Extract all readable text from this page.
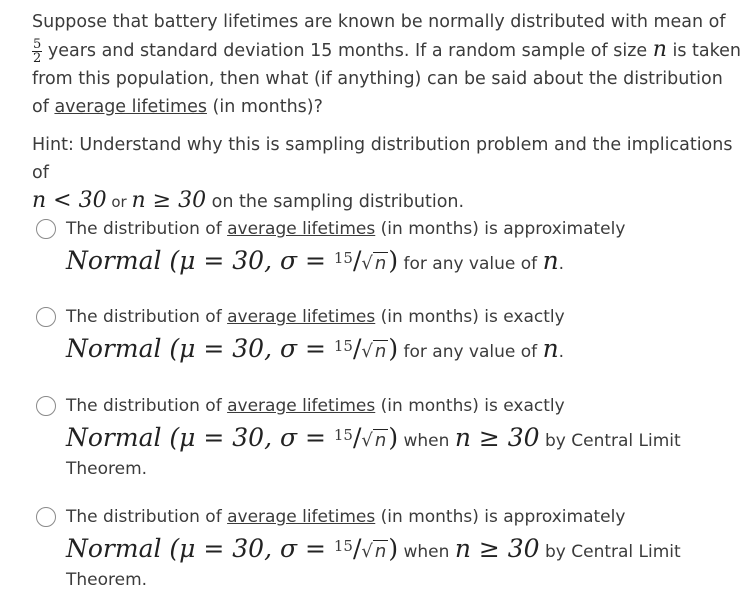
Suppose that battery lifetimes are known be normally distributed with mean of

$\frac{5}{2}$ years and standard deviation 15 months. If a random sample of size n is taken from this population, then what (if anything) can be said about the distribution of average lifetimes (in months)?
Hint: Understand why this is sampling distribution problem and the implications of
n < 30 or n ≥ 30 on the sampling distribution.
The distribution of average lifetimes (in months) is approximately
Normal (μ = 30, σ = 15/√ n) for any value of n.
The distribution of average lifetimes (in months) is exactly
Normal (μ = 30, σ = 15/√ n) for any value of n.
The distribution of average lifetimes (in months) is exactly
Normal (μ = 30, σ = 15/√ n) when n ≥ 30 by Central Limit
Theorem.
The distribution of average lifetimes (in months) is approximately
Normal (μ = 30, σ = 15/√ n) when n ≥ 30 by Central Limit
Theorem.
